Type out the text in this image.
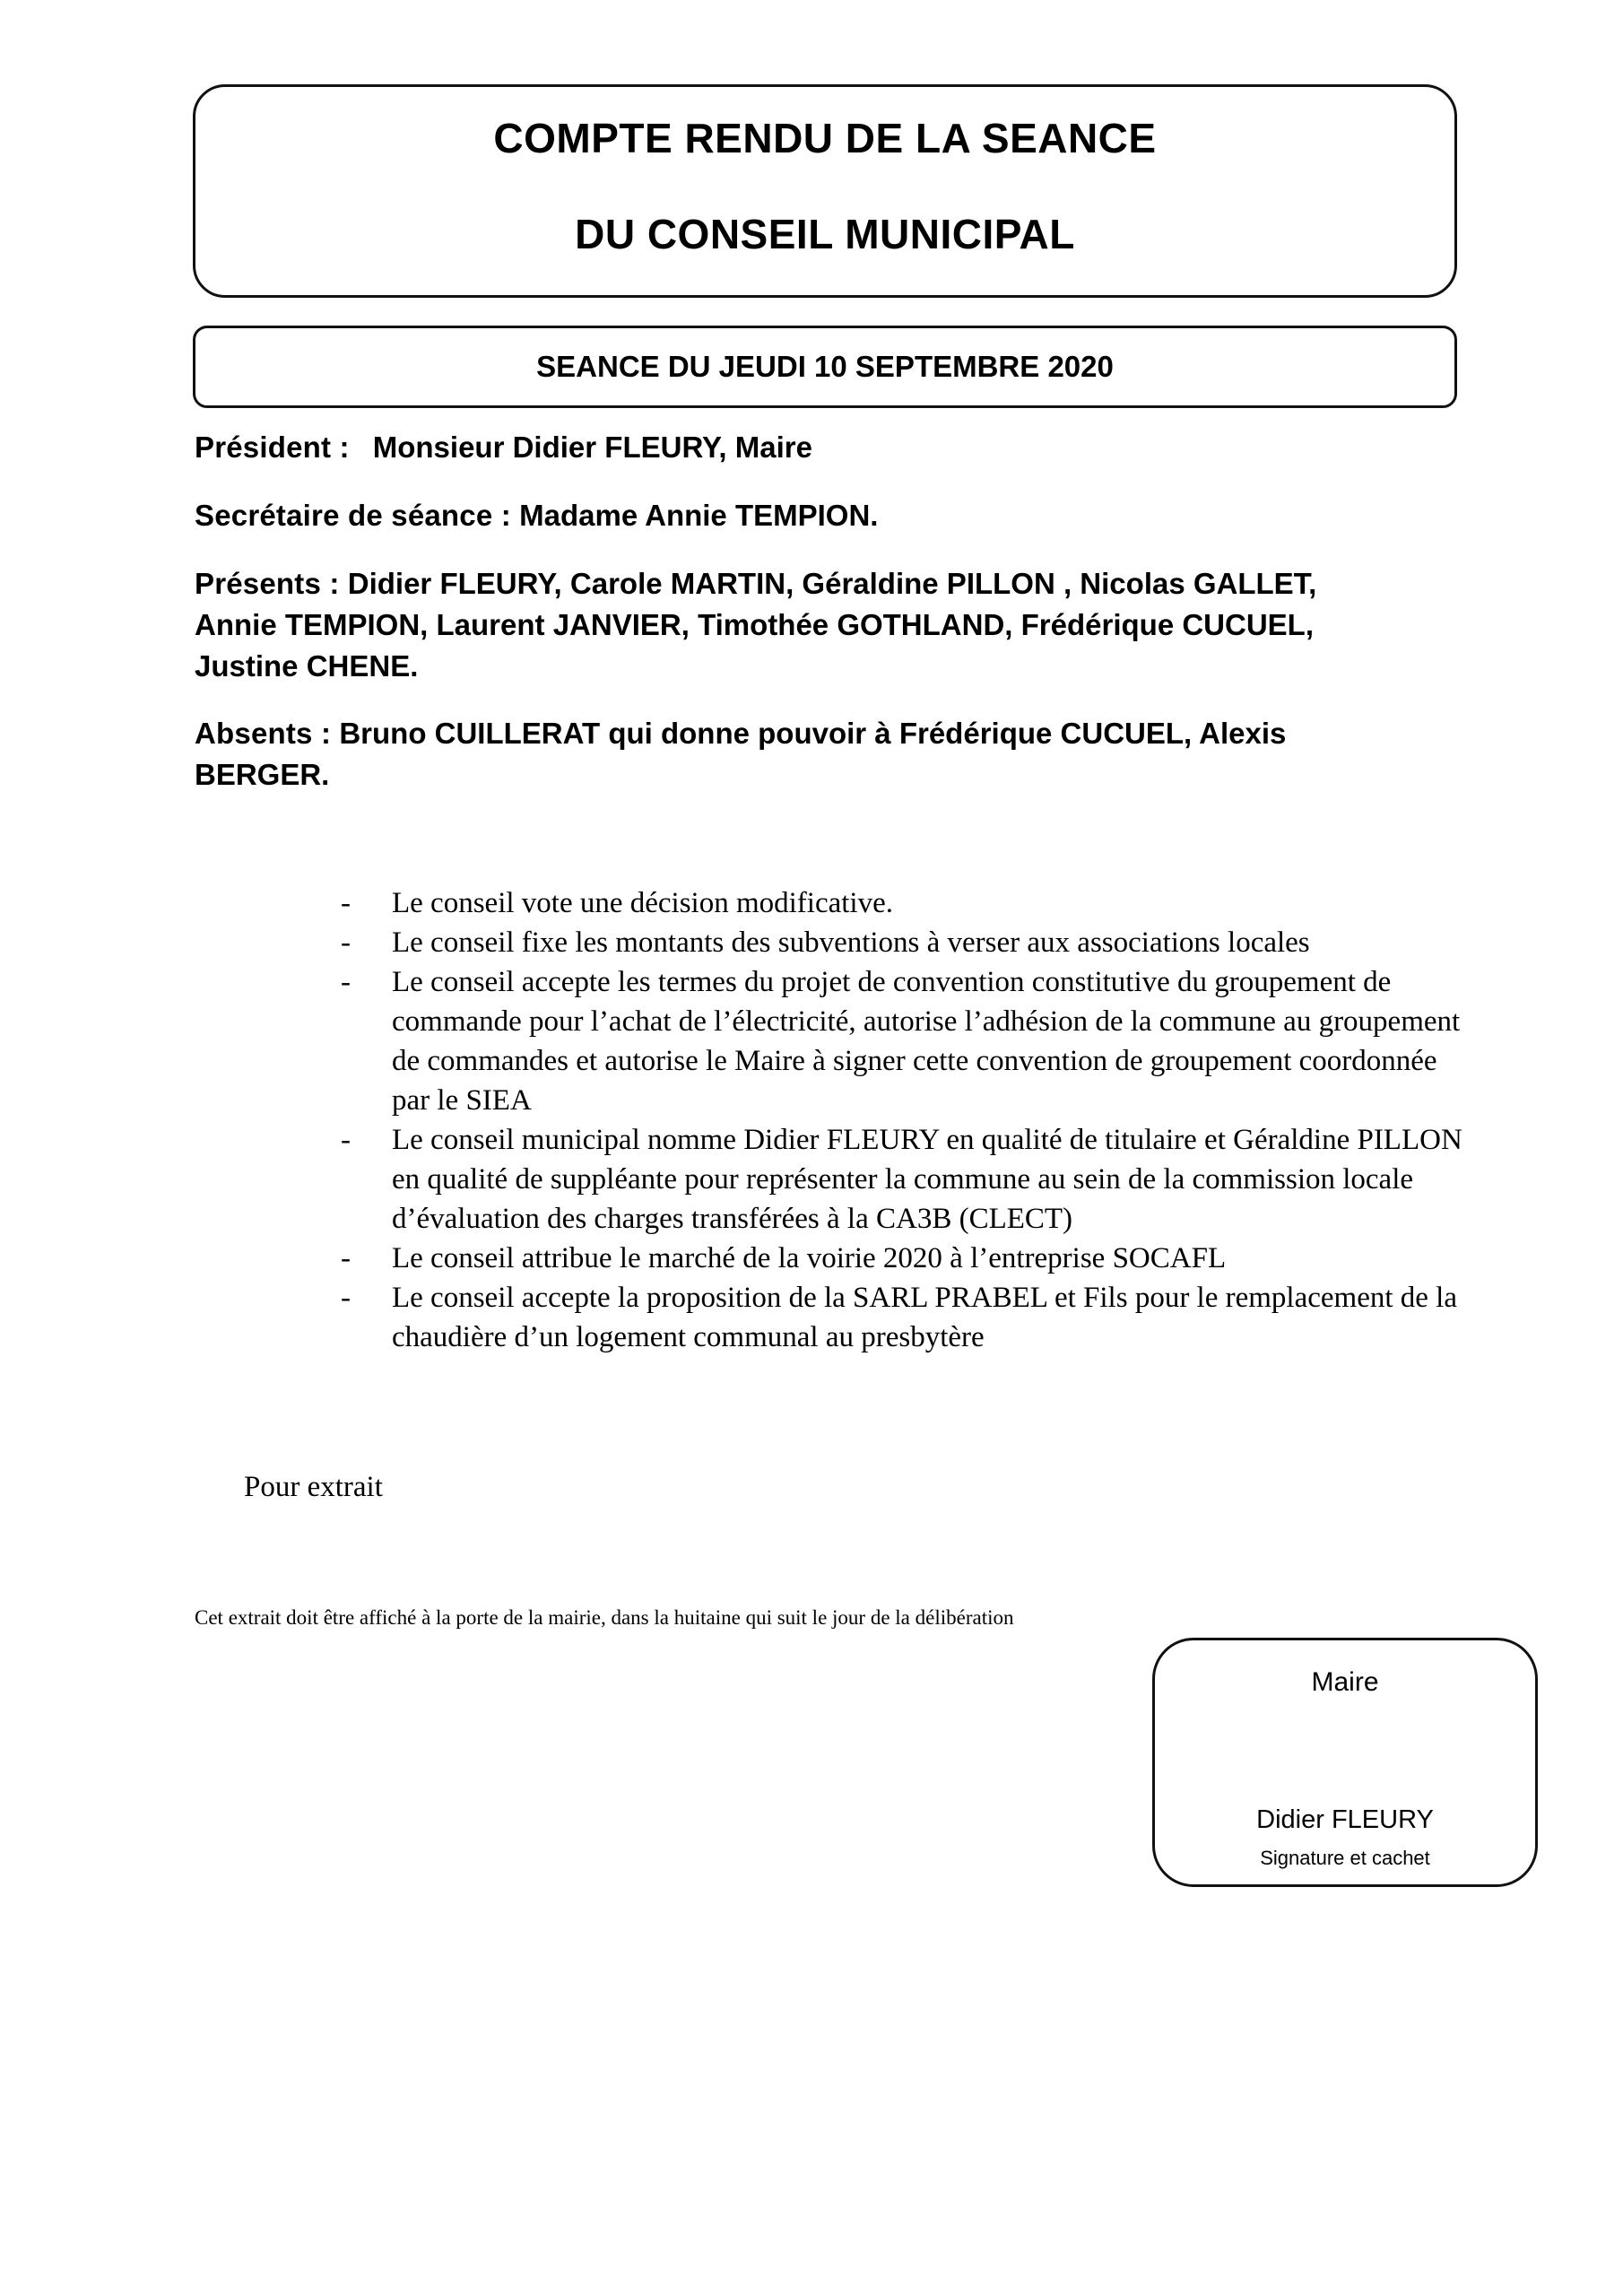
COMPTE RENDU DE LA SEANCE
DU CONSEIL MUNICIPAL
SEANCE DU JEUDI 10 SEPTEMBRE 2020
Président : Monsieur Didier FLEURY, Maire
Secrétaire de séance : Madame Annie TEMPION.
Présents : Didier FLEURY, Carole MARTIN, Géraldine PILLON , Nicolas GALLET, Annie TEMPION, Laurent JANVIER, Timothée GOTHLAND, Frédérique CUCUEL, Justine CHENE.
Absents : Bruno CUILLERAT qui donne pouvoir à Frédérique CUCUEL, Alexis BERGER.
- Le conseil vote une décision modificative.
- Le conseil fixe les montants des subventions à verser aux associations locales
- Le conseil accepte les termes du projet de convention constitutive du groupement de commande pour l’achat de l’électricité, autorise l’adhésion de la commune au groupement de commandes et autorise le Maire à signer cette convention de groupement coordonnée par le SIEA
- Le conseil municipal nomme Didier FLEURY en qualité de titulaire et Géraldine PILLON en qualité de suppléante pour représenter la commune au sein de la commission locale d’évaluation des charges transférées à la CA3B (CLECT)
- Le conseil attribue le marché de la voirie 2020 à l’entreprise SOCAFL
- Le conseil accepte la proposition de la SARL PRABEL et Fils pour le remplacement de la chaudière d’un logement communal au presbytère
Pour extrait
Cet extrait doit être affiché à la porte de la mairie, dans la huitaine qui suit le jour de la délibération
Maire
Didier FLEURY
Signature et cachet
